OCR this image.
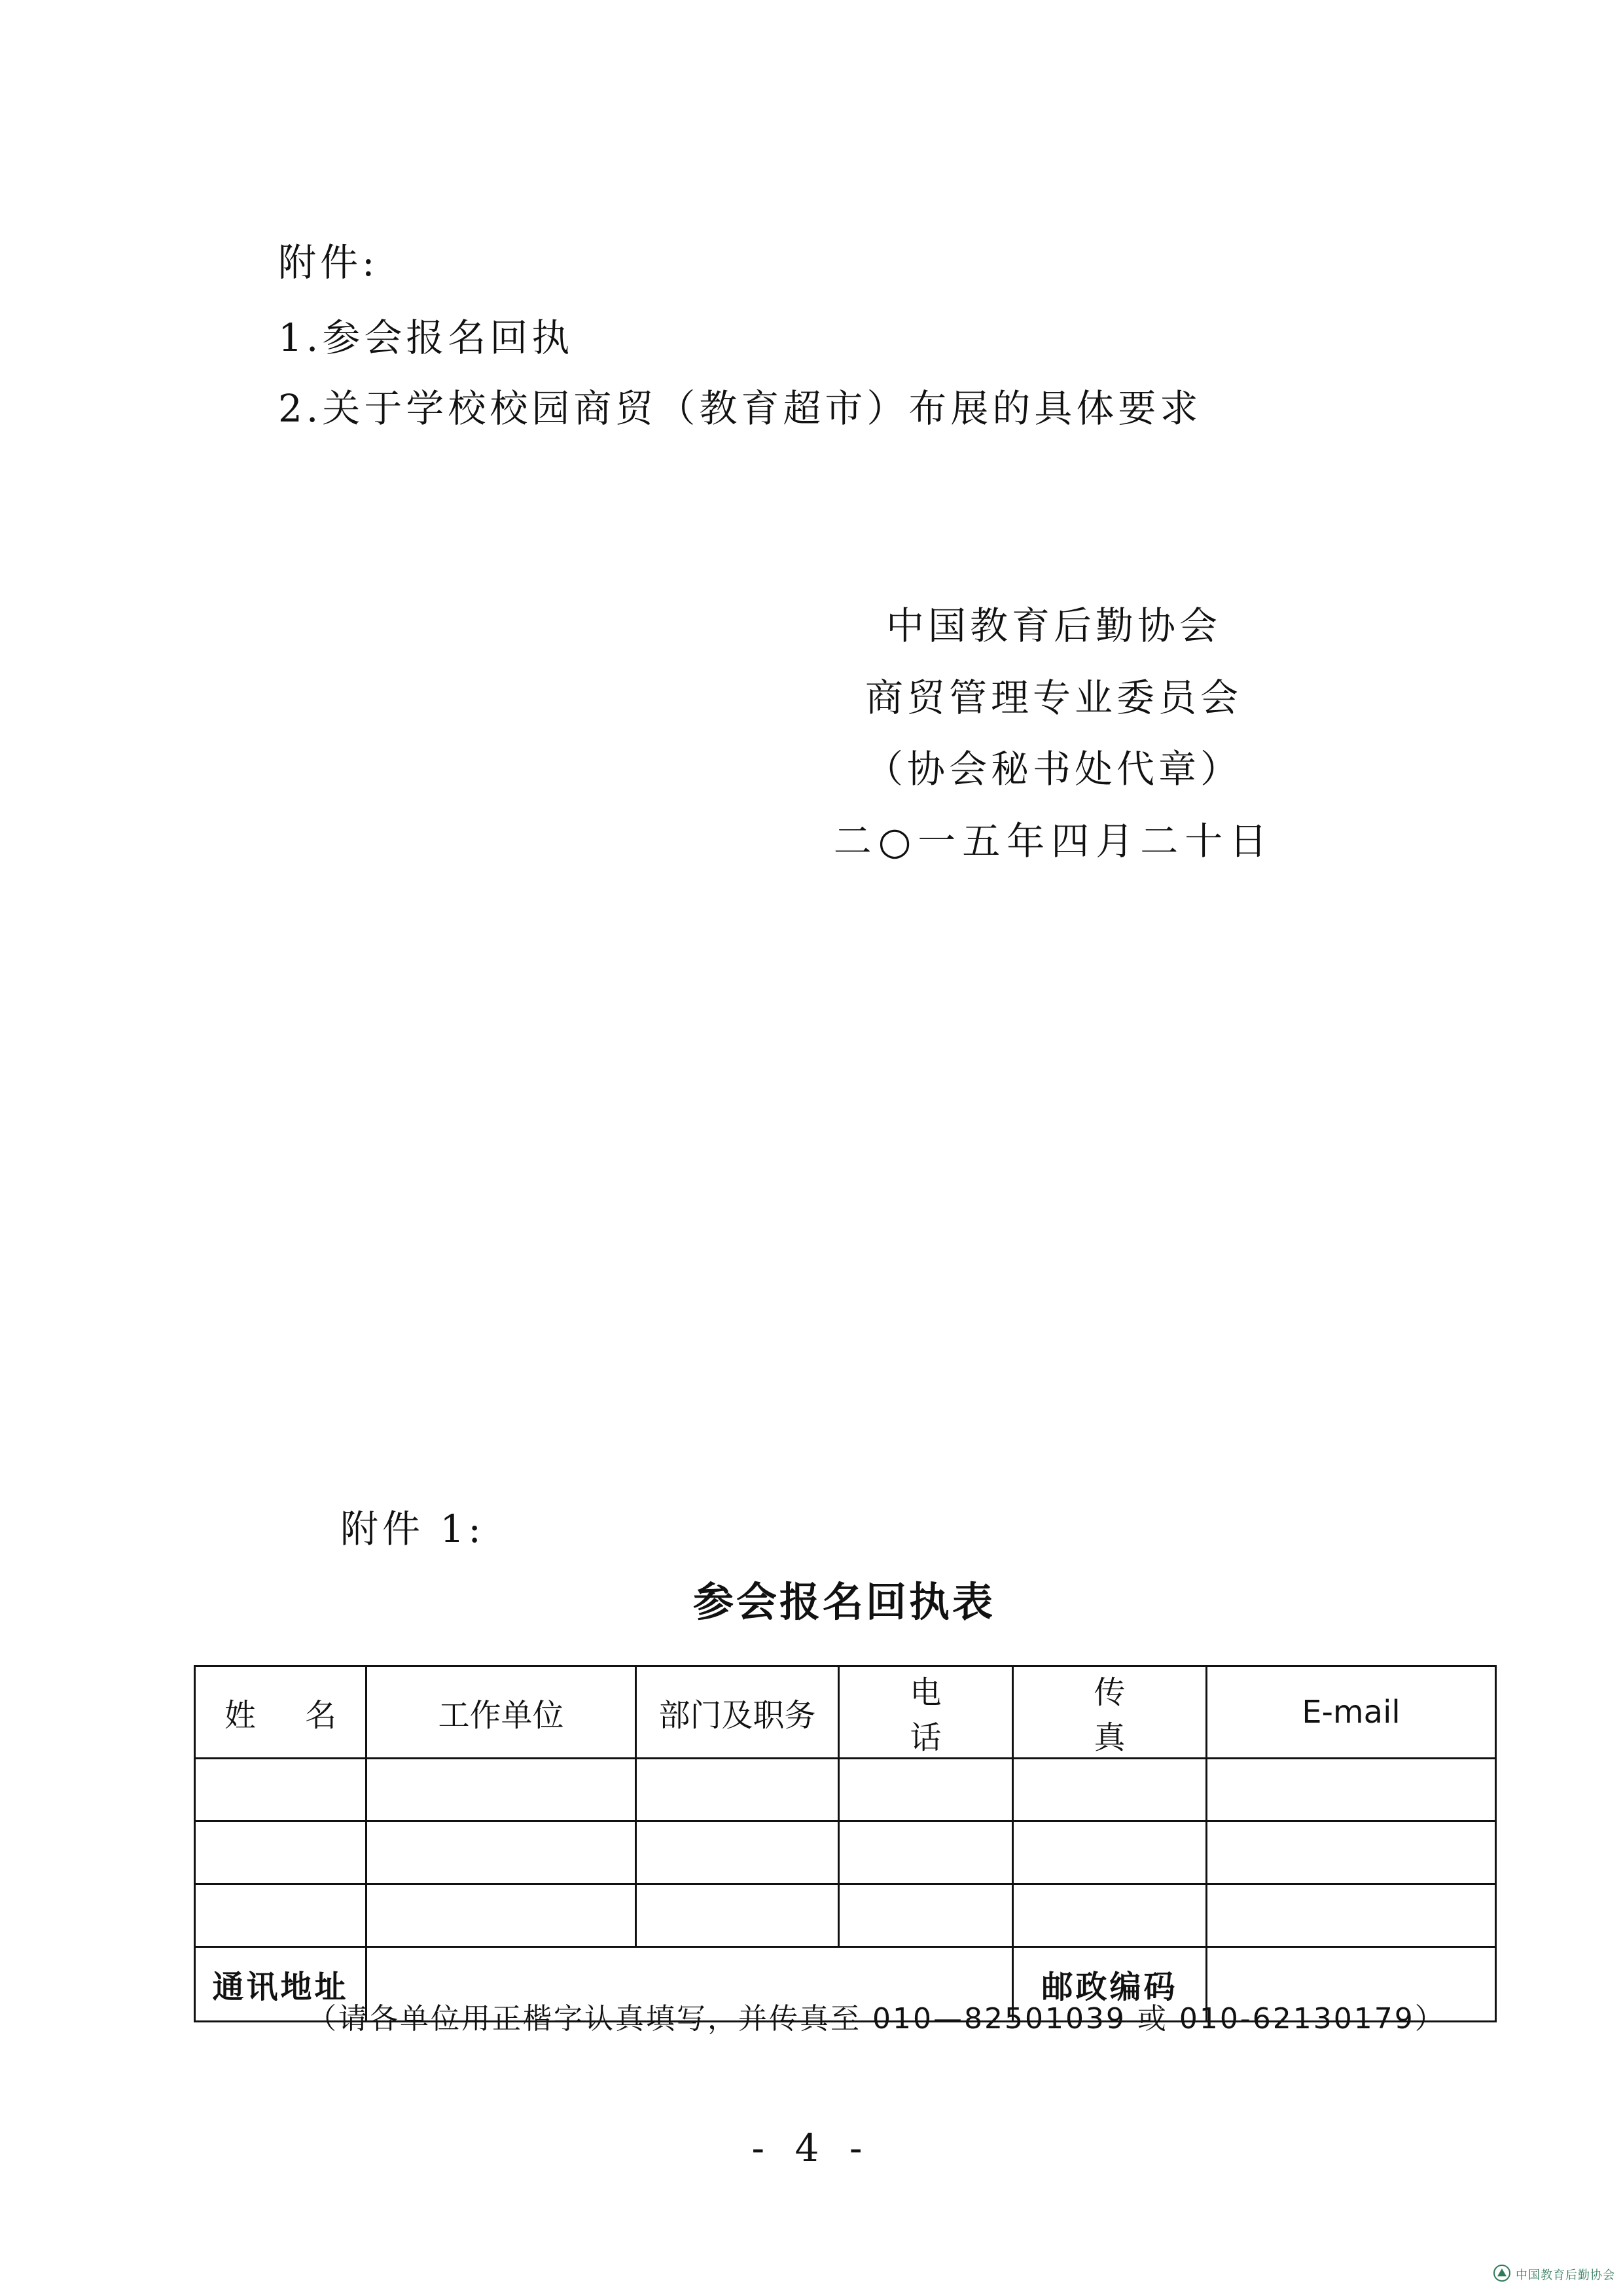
附件:
1.参会报名回执
2.关于学校校园商贸（教育超市）布展的具体要求
中国教育后勤协会
商贸管理专业委员会
（协会秘书处代章）
二○一五年四月二十日
附件 1:
参会报名回执表
姓 名	工作单位	部门及职务	电 话	传 真	E-mail

通讯地址				邮政编码	
（请各单位用正楷字认真填写，并传真至 010—82501039 或 010-62130179）
- 4 -
中国教育后勤协会
